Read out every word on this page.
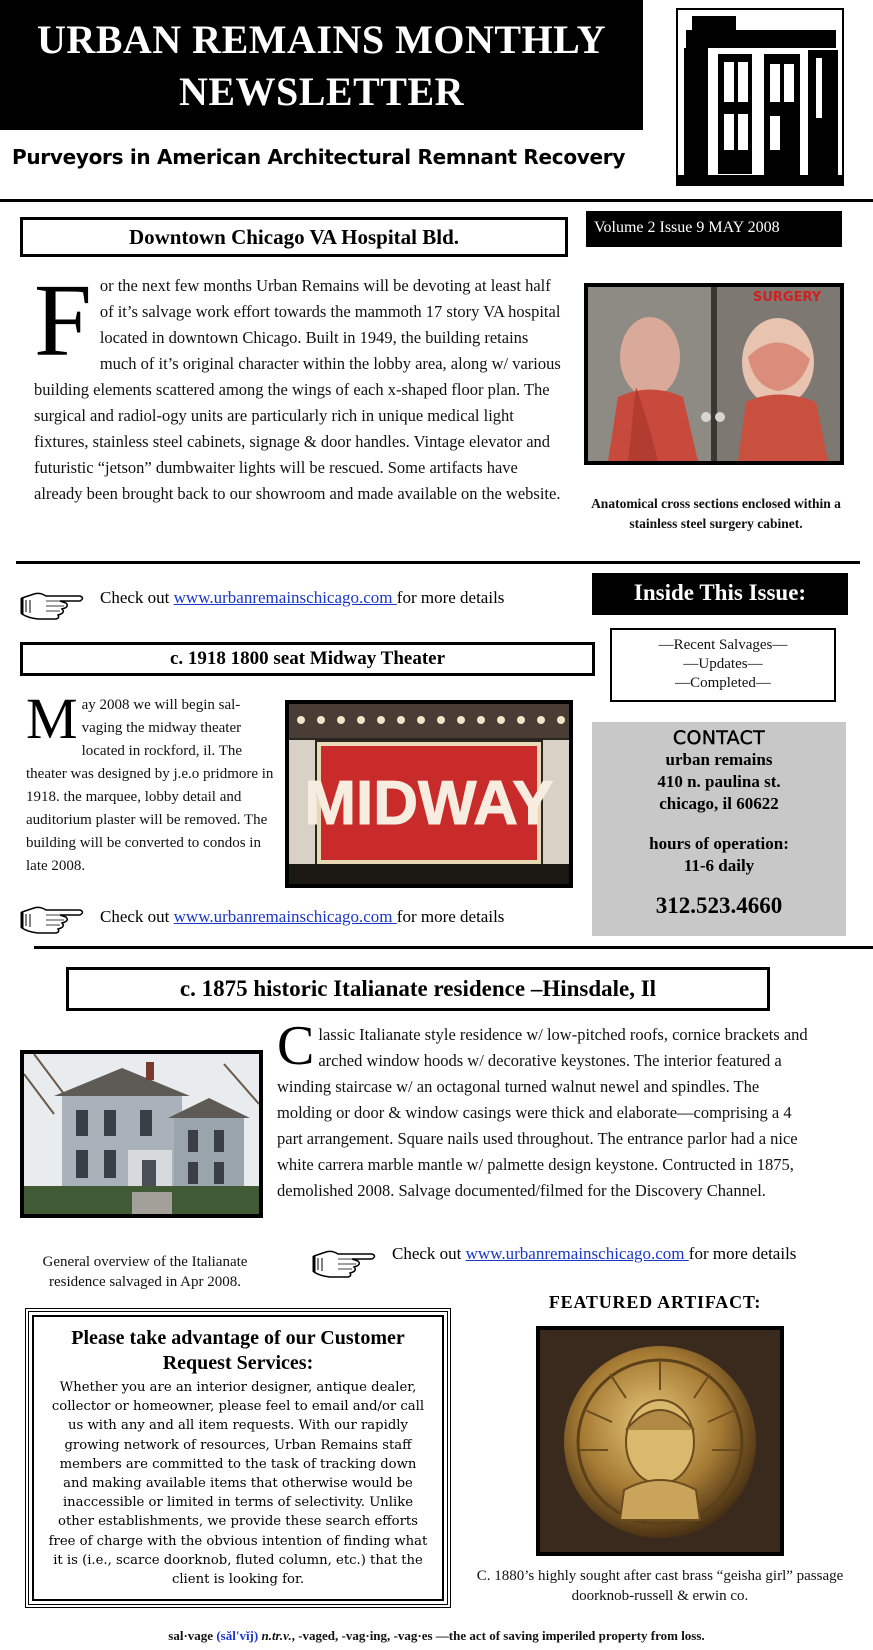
URBAN REMAINS MONTHLY
NEWSLETTER
Purveyors in American Architectural Remnant Recovery
Downtown Chicago VA Hospital Bld.	Volume 2 Issue 9 MAY 2008
F or the next few months Urban Remains will be devoting at least half of it’s salvage work effort towards the mammoth 17 story VA hospital located in downtown Chicago. Built in 1949, the building retains much of it’s original character within the lobby area, along w/ various building elements scattered among the wings of each x-shaped floor plan. The surgical and radiol-ogy units are particularly rich in unique medical light fixtures, stainless steel cabinets, signage & door handles. Vintage elevator and futuristic “jetson” dumbwaiter lights will be rescued. Some artifacts have already been brought back to our showroom and made available on the website.
SURGERY
Anatomical cross sections enclosed within a stainless steel surgery cabinet.
Check out www.urbanremainschicago.com for more details	Inside This Issue:
—Recent Salvages—
—Updates—
—Completed—
c. 1918 1800 seat Midway Theater
M ay 2008 we will begin sal-vaging the midway theater located in rockford, il. The theater was designed by j.e.o pridmore in 1918. the marquee, lobby detail and auditorium plaster will be removed. The building will be converted to condos in late 2008.
MIDWAY
CONTACT
urban remains
410 n. paulina st.
chicago, il 60622
hours of operation:
11-6 daily
312.523.4660
Check out www.urbanremainschicago.com for more details
c. 1875 historic Italianate residence –Hinsdale, Il
C lassic Italianate style residence w/ low-pitched roofs, cornice brackets and arched window hoods w/ decorative keystones. The interior featured a winding staircase w/ an octagonal turned walnut newel and spindles. The molding or door & window casings were thick and elaborate—comprising a 4 part arrangement. Square nails used throughout. The entrance parlor had a nice white carrera marble mantle w/ palmette design keystone. Contructed in 1875, demolished 2008. Salvage documented/filmed for the Discovery Channel.
General overview of the Italianate residence salvaged in Apr 2008.
Check out www.urbanremainschicago.com for more details
Please take advantage of our Customer Request Services:
Whether you are an interior designer, antique dealer, collector or homeowner, please feel to email and/or call us with any and all item requests. With our rapidly growing network of resources, Urban Remains staff members are committed to the task of tracking down and making available items that otherwise would be inaccessible or limited in terms of selectivity. Unlike other establishments, we provide these search efforts free of charge with the obvious intention of finding what it is (i.e., scarce doorknob, fluted column, etc.) that the client is looking for.
FEATURED ARTIFACT:
C. 1880’s highly sought after cast brass “geisha girl” passage doorknob-russell & erwin co.
sal·vage (săl'vĭj) n.tr.v., -vaged, -vag·ing, -vag·es —the act of saving imperiled property from loss.
